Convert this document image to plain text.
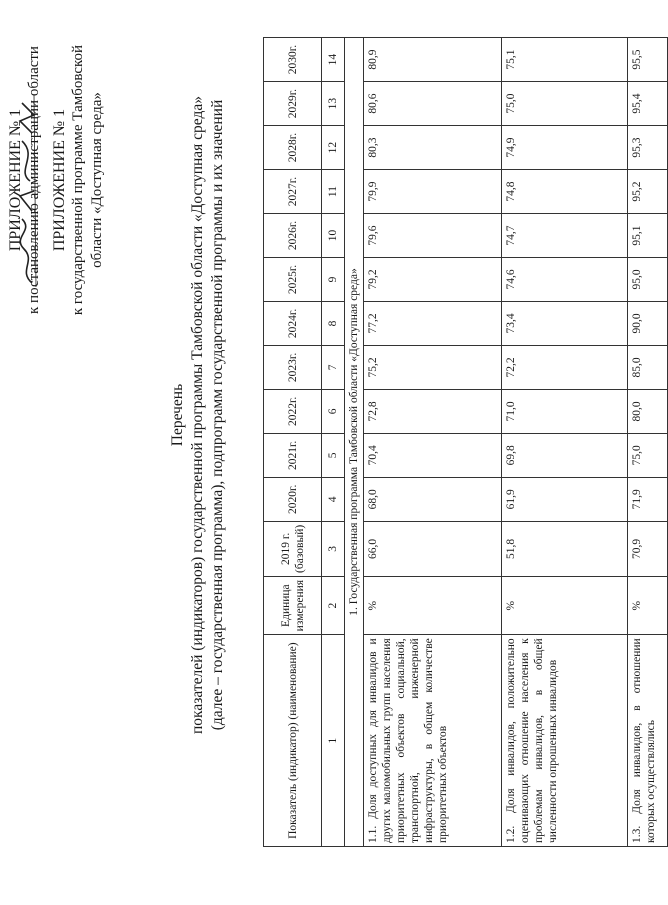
ПРИЛОЖЕНИЕ № 1 к постановлению администрации области ПРИЛОЖЕНИЕ № 1 к государственной программе Тамбовской области «Доступная среда»
Перечень показателей (индикаторов) государственной программы Тамбовской области «Доступная среда» (далее – государственная программа), подпрограмм государственной программы и их значений
Показатель (индикатор) (наименование)	Единица измерения	2019 г. (базовый)	2020г.	2021г.	2022г.	2023г.	2024г.	2025г.	2026г.	2027г.	2028г.	2029г.	2030г.
1	2	3	4	5	6	7	8	9	10	11	12	13	14
1. Государственная программа Тамбовской области «Доступная среда»													
1.1. Доля доступных для инвалидов и других маломобильных групп населения приоритетных объектов социальной, транспортной, инженерной инфраструктуры, в общем количестве приоритетных объектов	%	66,0	68,0	70,4	72,8	75,2	77,2	79,2	79,6	79,9	80,3	80,6	80,9
1.2. Доля инвалидов, положительно оценивающих отношение населения к проблемам инвалидов, в общей численности опрошенных инвалидов	%	51,8	61,9	69,8	71,0	72,2	73,4	74,6	74,7	74,8	74,9	75,0	75,1
1.3. Доля инвалидов, в отношении которых осуществлялись	%	70,9	71,9	75,0	80,0	85,0	90,0	95,0	95,1	95,2	95,3	95,4	95,5
